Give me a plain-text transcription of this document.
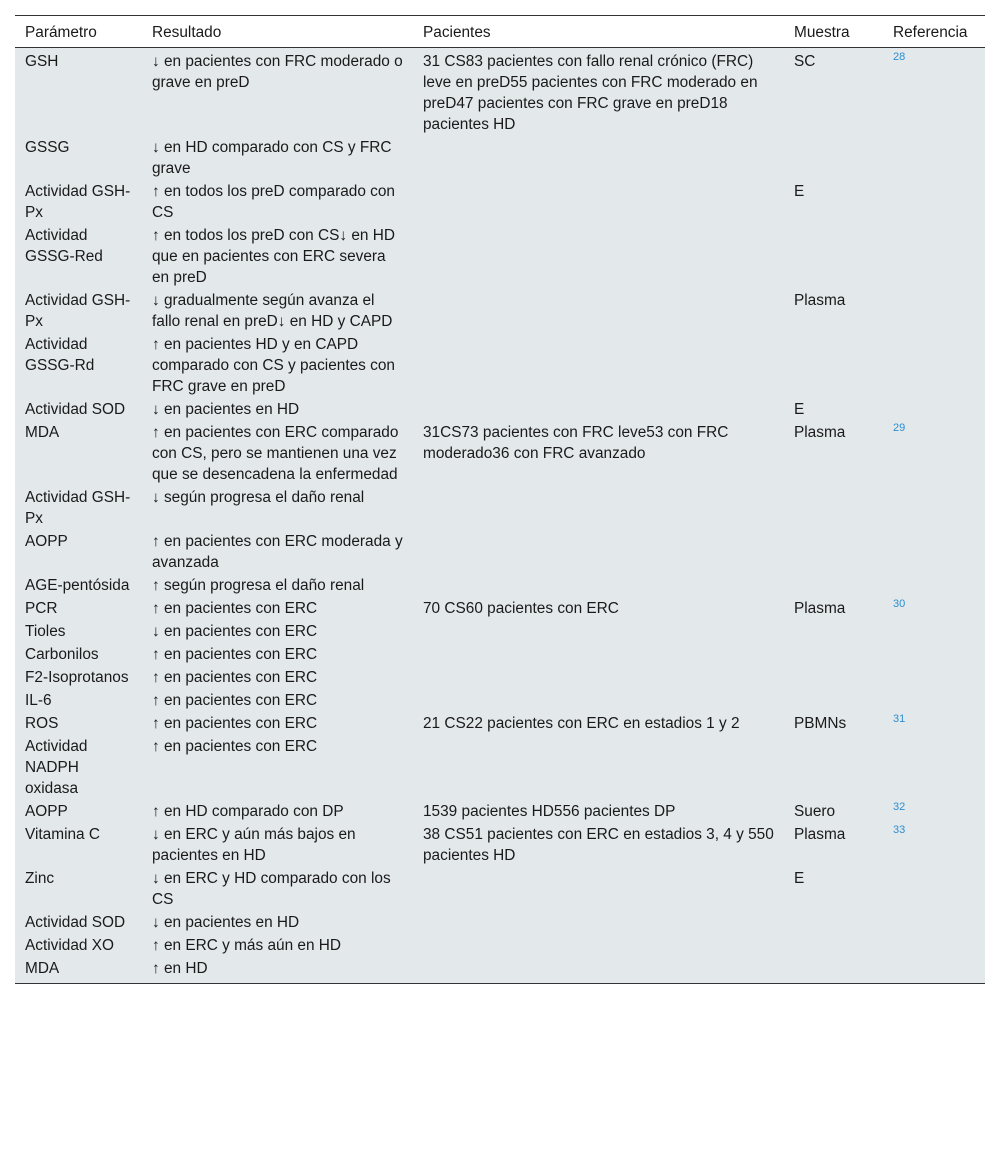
Parámetro	Resultado	Pacientes	Muestra	Referencia
GSH	↓ en pacientes con FRC moderado o grave en preD	31 CS83 pacientes con fallo renal crónico (FRC) leve en preD55 pacientes con FRC moderado en preD47 pacientes con FRC grave en preD18 pacientes HD	SC	$^{28}$
GSSG	↓ en HD comparado con CS y FRC grave			
Actividad GSH-Px	↑ en todos los preD comparado con CS		E	
Actividad GSSG-Red	↑ en todos los preD con CS↓ en HD que en pacientes con ERC severa en preD			
Actividad GSH-Px	↓ gradualmente según avanza el fallo renal en preD↓ en HD y CAPD		Plasma	
Actividad GSSG-Rd	↑ en pacientes HD y en CAPD comparado con CS y pacientes con FRC grave en preD			
Actividad SOD	↓ en pacientes en HD		E	
MDA	↑ en pacientes con ERC comparado con CS, pero se mantienen una vez que se desencadena la enfermedad	31CS73 pacientes con FRC leve53 con FRC moderado36 con FRC avanzado	Plasma	$^{29}$
Actividad GSH-Px	↓ según progresa el daño renal			
AOPP	↑ en pacientes con ERC moderada y avanzada			
AGE-pentósida	↑ según progresa el daño renal			
PCR	↑ en pacientes con ERC	70 CS60 pacientes con ERC	Plasma	$^{30}$
Tioles	↓ en pacientes con ERC			
Carbonilos	↑ en pacientes con ERC			
F2-Isoprotanos	↑ en pacientes con ERC			
IL-6	↑ en pacientes con ERC			
ROS	↑ en pacientes con ERC	21 CS22 pacientes con ERC en estadios 1 y 2	PBMNs	$^{31}$
Actividad NADPH oxidasa	↑ en pacientes con ERC			
AOPP	↑ en HD comparado con DP	1539 pacientes HD556 pacientes DP	Suero	$^{32}$
Vitamina C	↓ en ERC y aún más bajos en pacientes en HD	38 CS51 pacientes con ERC en estadios 3, 4 y 550 pacientes HD	Plasma	$^{33}$
Zinc	↓ en ERC y HD comparado con los CS		E	
Actividad SOD	↓ en pacientes en HD			
Actividad XO	↑ en ERC y más aún en HD			
MDA	↑ en HD			
